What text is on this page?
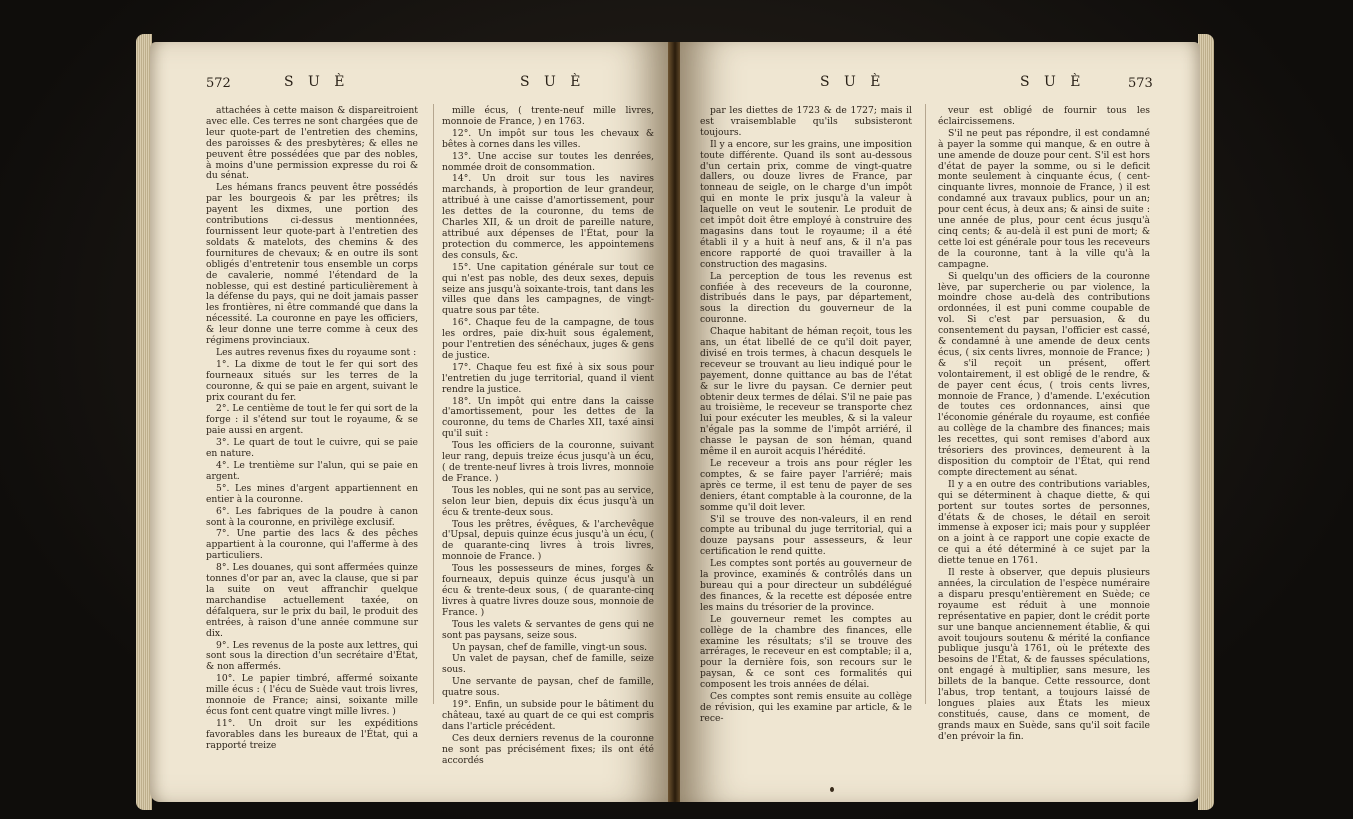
572	S U È	S U È

attachées à cette maison & dispareitroient avec elle. Ces terres ne sont chargées que de leur quote-part de l'entretien des chemins, des paroisses & des presbytères; & elles ne peuvent être possédées que par des nobles, à moins d'une permission expresse du roi & du sénat.

Les hémans francs peuvent être possédés par les bourgeois & par les prêtres; ils payent les dixmes, une portion des contributions ci-dessus mentionnées, fournissent leur quote-part à l'entretien des soldats & matelots, des chemins & des fournitures de chevaux; & en outre ils sont obligés d'entretenir tous ensemble un corps de cavalerie, nommé l'étendard de la noblesse, qui est destiné particulièrement à la défense du pays, qui ne doit jamais passer les frontières, ni être commandé que dans la nécessité. La couronne en paye les officiers, & leur donne une terre comme à ceux des régimens provinciaux.

Les autres revenus fixes du royaume sont :

1°. La dixme de tout le fer qui sort des fourneaux situés sur les terres de la couronne, & qui se paie en argent, suivant le prix courant du fer.

2°. Le centième de tout le fer qui sort de la forge : il s'étend sur tout le royaume, & se paie aussi en argent.

3°. Le quart de tout le cuivre, qui se paie en nature.

4°. Le trentième sur l'alun, qui se paie en argent.

5°. Les mines d'argent appartiennent en entier à la couronne.

6°. Les fabriques de la poudre à canon sont à la couronne, en privilège exclusif.

7°. Une partie des lacs & des pêches appartient à la couronne, qui l'afferme à des particuliers.

8°. Les douanes, qui sont affermées quinze tonnes d'or par an, avec la clause, que si par la suite on veut affranchir quelque marchandise actuellement taxée, on défalquera, sur le prix du bail, le produit des entrées, à raison d'une année commune sur dix.

9°. Les revenus de la poste aux lettres, qui sont sous la direction d'un secrétaire d'État, & non affermés.

10°. Le papier timbré, affermé soixante mille écus : ( l'écu de Suède vaut trois livres, monnoie de France; ainsi, soixante mille écus font cent quatre vingt mille livres. )

11°. Un droit sur les expéditions favorables dans les bureaux de l'État, qui a rapporté treize

mille écus, ( trente-neuf mille livres, monnoie de France, ) en 1763.

12°. Un impôt sur tous les chevaux & bêtes à cornes dans les villes.

13°. Une accise sur toutes les denrées, nommée droit de consommation.

14°. Un droit sur tous les navires marchands, à proportion de leur grandeur, attribué à une caisse d'amortissement, pour les dettes de la couronne, du tems de Charles XII, & un droit de pareille nature, attribué aux dépenses de l'État, pour la protection du commerce, les appointemens des consuls, &c.

15°. Une capitation générale sur tout ce qui n'est pas noble, des deux sexes, depuis seize ans jusqu'à soixante-trois, tant dans les villes que dans les campagnes, de vingt-quatre sous par tête.

16°. Chaque feu de la campagne, de tous les ordres, paie dix-huit sous également, pour l'entretien des sénéchaux, juges & gens de justice.

17°. Chaque feu est fixé à six sous pour l'entretien du juge territorial, quand il vient rendre la justice.

18°. Un impôt qui entre dans la caisse d'amortissement, pour les dettes de la couronne, du tems de Charles XII, taxé ainsi qu'il suit :

Tous les officiers de la couronne, suivant leur rang, depuis treize écus jusqu'à un écu, ( de trente-neuf livres à trois livres, monnoie de France. )

Tous les nobles, qui ne sont pas au service, selon leur bien, depuis dix écus jusqu'à un écu & trente-deux sous.

Tous les prêtres, évêques, & l'archevêque d'Upsal, depuis quinze écus jusqu'à un écu, ( de quarante-cinq livres à trois livres, monnoie de France. )

Tous les possesseurs de mines, forges & fourneaux, depuis quinze écus jusqu'à un écu & trente-deux sous, ( de quarante-cinq livres à quatre livres douze sous, monnoie de France. )

Tous les valets & servantes de gens qui ne sont pas paysans, seize sous.

Un paysan, chef de famille, vingt-un sous.

Un valet de paysan, chef de famille, seize sous.

Une servante de paysan, chef de famille, quatre sous.

19°. Enfin, un subside pour le bâtiment du château, taxé au quart de ce qui est compris dans l'article précédent.

Ces deux derniers revenus de la couronne ne sont pas précisément fixes; ils ont été accordés

S U È	S U È	573

par les diettes de 1723 & de 1727; mais il est vraisemblable qu'ils subsisteront toujours.

Il y a encore, sur les grains, une imposition toute différente. Quand ils sont au-dessous d'un certain prix, comme de vingt-quatre dallers, ou douze livres de France, par tonneau de seigle, on le charge d'un impôt qui en monte le prix jusqu'à la valeur à laquelle on veut le soutenir. Le produit de cet impôt doit être employé à construire des magasins dans tout le royaume; il a été établi il y a huit à neuf ans, & il n'a pas encore rapporté de quoi travailler à la construction des magasins.

La perception de tous les revenus est confiée à des receveurs de la couronne, distribués dans le pays, par département, sous la direction du gouverneur de la couronne.

Chaque habitant de héman reçoit, tous les ans, un état libellé de ce qu'il doit payer, divisé en trois termes, à chacun desquels le receveur se trouvant au lieu indiqué pour le payement, donne quittance au bas de l'état & sur le livre du paysan. Ce dernier peut obtenir deux termes de délai. S'il ne paie pas au troisième, le receveur se transporte chez lui pour exécuter les meubles, & si la valeur n'égale pas la somme de l'impôt arriéré, il chasse le paysan de son héman, quand même il en auroit acquis l'hérédité.

Le receveur a trois ans pour régler les comptes, & se faire payer l'arriéré; mais après ce terme, il est tenu de payer de ses deniers, étant comptable à la couronne, de la somme qu'il doit lever.

S'il se trouve des non-valeurs, il en rend compte au tribunal du juge territorial, qui a douze paysans pour assesseurs, & leur certification le rend quitte.

Les comptes sont portés au gouverneur de la province, examinés & contrôlés dans un bureau qui a pour directeur un subdélégué des finances, & la recette est déposée entre les mains du trésorier de la province.

Le gouverneur remet les comptes au collège de la chambre des finances, elle examine les résultats; s'il se trouve des arrérages, le receveur en est comptable; il a, pour la dernière fois, son recours sur le paysan, & ce sont ces formalités qui composent les trois années de délai.

Ces comptes sont remis ensuite au collège de révision, qui les examine par article, & le rece-

veur est obligé de fournir tous les éclaircissemens.

S'il ne peut pas répondre, il est condamné à payer la somme qui manque, & en outre à une amende de douze pour cent. S'il est hors d'état de payer la somme, ou si le deficit monte seulement à cinquante écus, ( cent-cinquante livres, monnoie de France, ) il est condamné aux travaux publics, pour un an; pour cent écus, à deux ans; & ainsi de suite : une année de plus, pour cent écus jusqu'à cinq cents; & au-delà il est puni de mort; & cette loi est générale pour tous les receveurs de la couronne, tant à la ville qu'à la campagne.

Si quelqu'un des officiers de la couronne lève, par supercherie ou par violence, la moindre chose au-delà des contributions ordonnées, il est puni comme coupable de vol. Si c'est par persuasion, & du consentement du paysan, l'officier est cassé, & condamné à une amende de deux cents écus, ( six cents livres, monnoie de France; ) & s'il reçoit un présent, offert volontairement, il est obligé de le rendre, & de payer cent écus, ( trois cents livres, monnoie de France, ) d'amende. L'exécution de toutes ces ordonnances, ainsi que l'économie générale du royaume, est confiée au collège de la chambre des finances; mais les recettes, qui sont remises d'abord aux trésoriers des provinces, demeurent à la disposition du comptoir de l'État, qui rend compte directement au sénat.

Il y a en outre des contributions variables, qui se déterminent à chaque diette, & qui portent sur toutes sortes de personnes, d'états & de choses, le détail en seroit immense à exposer ici; mais pour y suppléer on a joint à ce rapport une copie exacte de ce qui a été déterminé à ce sujet par la diette tenue en 1761.

Il reste à observer, que depuis plusieurs années, la circulation de l'espèce numéraire a disparu presqu'entièrement en Suède; ce royaume est réduit à une monnoie représentative en papier, dont le crédit porte sur une banque anciennement établie, & qui avoit toujours soutenu & mérité la confiance publique jusqu'à 1761, où le prétexte des besoins de l'État, & de fausses spéculations, ont engagé à multiplier, sans mesure, les billets de la banque. Cette ressource, dont l'abus, trop tentant, a toujours laissé de longues plaies aux États les mieux constitués, cause, dans ce moment, de grands maux en Suède, sans qu'il soit facile d'en prévoir la fin.
